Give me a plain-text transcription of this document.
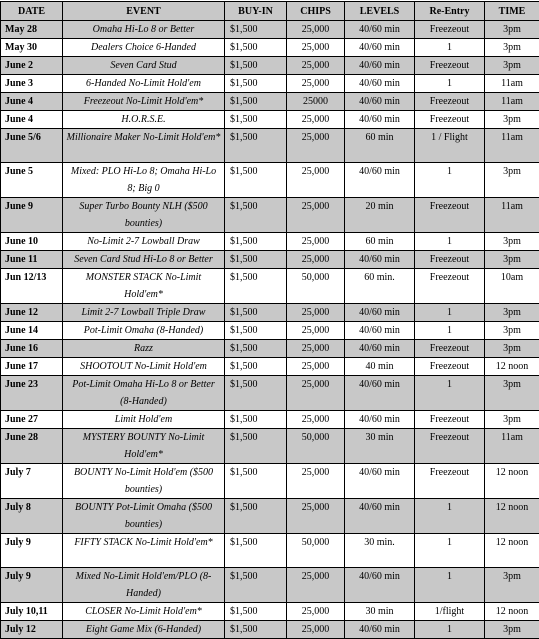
DATE	EVENT	BUY-IN	CHIPS	LEVELS	Re-Entry	TIME
May 28	Omaha Hi-Lo 8 or Better	$1,500	25,000	40/60 min	Freezeout	3pm
May 30	Dealers Choice 6-Handed	$1,500	25,000	40/60 min	1	3pm
June 2	Seven Card Stud	$1,500	25,000	40/60 min	Freezeout	3pm
June 3	6-Handed No-Limit Hold'em	$1,500	25,000	40/60 min	1	11am
June 4	Freezeout No-Limit Hold'em*	$1,500	25000	40/60 min	Freezeout	11am
June 4	H.O.R.S.E.	$1,500	25,000	40/60 min	Freezeout	3pm
June 5/6	Millionaire Maker No-Limit Hold'em*	$1,500	25,000	60 min	1 / Flight	11am
June 5	Mixed: PLO Hi-Lo 8; Omaha Hi-Lo 8; Big 0	$1,500	25,000	40/60 min	1	3pm
June 9	Super Turbo Bounty NLH ($500 bounties)	$1,500	25,000	20 min	Freezeout	11am
June 10	No-Limit 2-7 Lowball Draw	$1,500	25,000	60 min	1	3pm
June 11	Seven Card Stud Hi-Lo 8 or Better	$1,500	25,000	40/60 min	Freezeout	3pm
Jun 12/13	MONSTER STACK No-Limit Hold'em*	$1,500	50,000	60 min.	Freezeout	10am
June 12	Limit 2-7 Lowball Triple Draw	$1,500	25,000	40/60 min	1	3pm
June 14	Pot-Limit Omaha (8-Handed)	$1,500	25,000	40/60 min	1	3pm
June 16	Razz	$1,500	25,000	40/60 min	Freezeout	3pm
June 17	SHOOTOUT No-Limit Hold'em	$1,500	25,000	40 min	Freezeout	12 noon
June 23	Pot-Limit Omaha Hi-Lo 8 or Better (8-Handed)	$1,500	25,000	40/60 min	1	3pm
June 27	Limit Hold'em	$1,500	25,000	40/60 min	Freezeout	3pm
June 28	MYSTERY BOUNTY No-Limit Hold'em*	$1,500	50,000	30 min	Freezeout	11am
July 7	BOUNTY No-Limit Hold'em ($500 bounties)	$1,500	25,000	40/60 min	Freezeout	12 noon
July 8	BOUNTY Pot-Limit Omaha ($500 bounties)	$1,500	25,000	40/60 min	1	12 noon
July 9	FIFTY STACK No-Limit Hold'em*	$1,500	50,000	30 min.	1	12 noon
July 9	Mixed No-Limit Hold'em/PLO (8-Handed)	$1,500	25,000	40/60 min	1	3pm
July 10,11	CLOSER No-Limit Hold'em*	$1,500	25,000	30 min	1/flight	12 noon
July 12	Eight Game Mix (6-Handed)	$1,500	25,000	40/60 min	1	3pm
